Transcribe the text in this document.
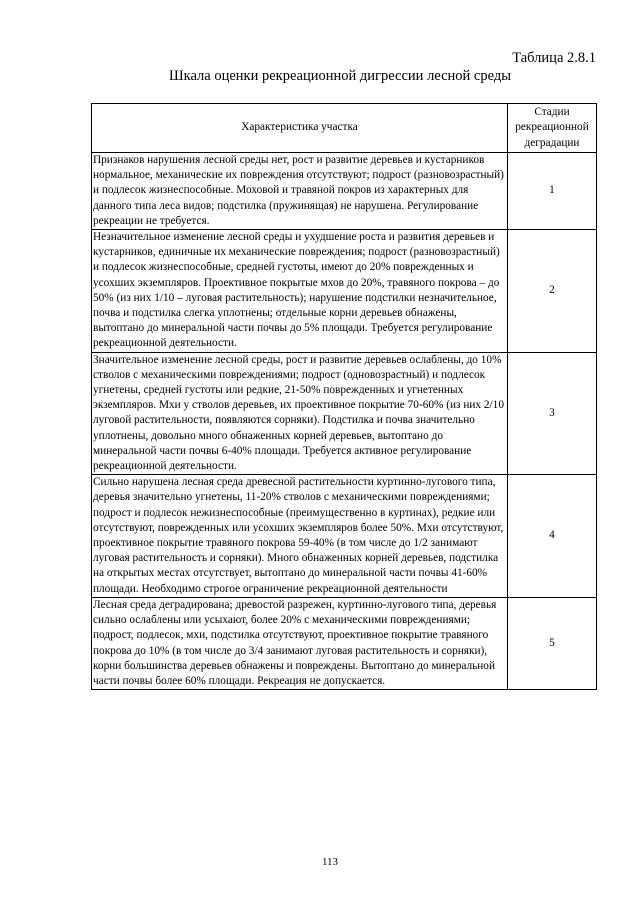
Таблица 2.8.1
Шкала оценки рекреационной дигрессии лесной среды
Характеристика участка	Стадии рекреационной деградации
Признаков нарушения лесной среды нет, рост и развитие деревьев и кустарников нормальное, механические их повреждения отсутствуют; подрост (разновозрастный) и подлесок жизнеспособные. Моховой и травяной покров из характерных для данного типа леса видов; подстилка (пружинящая) не нарушена. Регулирование рекреации не требуется.	1
Незначительное изменение лесной среды и ухудшение роста и развития деревьев и кустарников, единичные их механические повреждения; подрост (разновозрастный) и подлесок жизнеспособные, средней густоты, имеют до 20% поврежденных и усохших экземпляров. Проективное покрытые мхов до 20%, травяного покрова – до 50% (из них 1/10 – луговая растительность); нарушение подстилки незначительное, почва и подстилка слегка уплотнены; отдельные корни деревьев обнажены, вытоптано до минеральной части почвы до 5% площади. Требуется регулирование рекреационной деятельности.	2
Значительное изменение лесной среды, рост и развитие деревьев ослаблены, до 10% стволов с механическими повреждениями; подрост (одновозрастный) и подлесок угнетены, средней густоты или редкие, 21-50% поврежденных и угнетенных экземпляров. Мхи у стволов деревьев, их проективное покрытие 70-60% (из них 2/10 луговой растительности, появляются сорняки). Подстилка и почва значительно уплотнены, довольно много обнаженных корней деревьев, вытоптано до минеральной части почвы 6-40% площади. Требуется активное регулирование рекреационной деятельности.	3
Сильно нарушена лесная среда древесной растительности куртинно-лугового типа, деревья значительно угнетены, 11-20% стволов с механическими повреждениями; подрост и подлесок нежизнеспособные (преимущественно в куртинах), редкие или отсутствуют, поврежденных или усохших экземпляров более 50%. Мхи отсутствуют, проективное покрытие травяного покрова 59-40% (в том числе до 1/2 занимают луговая растительность и сорняки). Много обнаженных корней деревьев, подстилка на открытых местах отсутствует, вытоптано до минеральной части почвы 41-60% площади. Необходимо строгое ограничение рекреационной деятельности	4
Лесная среда деградирована; древостой разрежен, куртинно-лугового типа, деревья сильно ослаблены или усыхают, более 20% с механическими повреждениями; подрост, подлесок, мхи, подстилка отсутствуют, проективное покрытие травяного покрова до 10% (в том числе до 3/4 занимают луговая растительность и сорняки), корни большинства деревьев обнажены и повреждены. Вытоптано до минеральной части почвы более 60% площади. Рекреация не допускается.	5
113
